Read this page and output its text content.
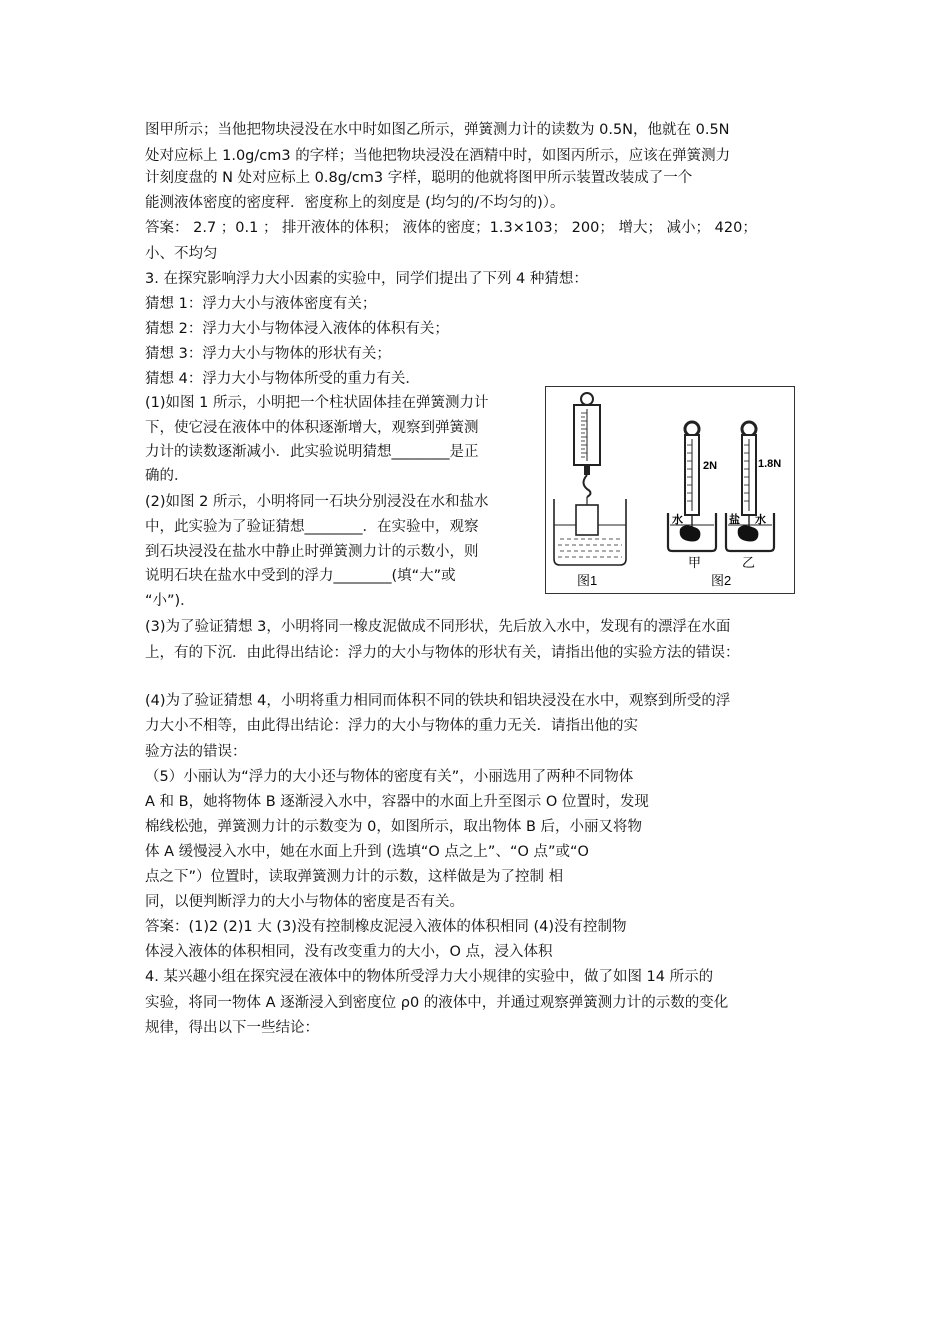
图甲所示；当他把物块浸没在水中时如图乙所示，弹簧测力计的读数为 0.5N，他就在 0.5N
处对应标上 1.0g/cm3 的字样；当他把物块浸没在酒精中时，如图丙所示，应该在弹簧测力
计刻度盘的 N 处对应标上 0.8g/cm3 字样，聪明的他就将图甲所示装置改装成了一个
能测液体密度的密度秤．密度称上的刻度是 (均匀的/不均匀的)）。
答案： 2.7 ；0.1 ； 排开液体的体积； 液体的密度；1.3×103； 200； 增大； 减小； 420；
小、不均匀
3. 在探究影响浮力大小因素的实验中，同学们提出了下列 4 种猜想：
猜想 1：浮力大小与液体密度有关；
猜想 2：浮力大小与物体浸入液体的体积有关；
猜想 3：浮力大小与物体的形状有关；
猜想 4：浮力大小与物体所受的重力有关．
(1)如图 1 所示，小明把一个柱状固体挂在弹簧测力计
下，使它浸在液体中的体积逐渐增大，观察到弹簧测
力计的读数逐渐减小．此实验说明猜想________是正
确的．
(2)如图 2 所示，小明将同一石块分别浸没在水和盐水
中，此实验为了验证猜想________．在实验中，观察
到石块浸没在盐水中静止时弹簧测力计的示数小，则
说明石块在盐水中受到的浮力________(填“大”或
“小”)．
(3)为了验证猜想 3，小明将同一橡皮泥做成不同形状，先后放入水中，发现有的漂浮在水面
上，有的下沉．由此得出结论：浮力的大小与物体的形状有关，请指出他的实验方法的错误：
(4)为了验证猜想 4，小明将重力相同而体积不同的铁块和铝块浸没在水中，观察到所受的浮
力大小不相等，由此得出结论：浮力的大小与物体的重力无关．请指出他的实
验方法的错误：
（5）小丽认为“浮力的大小还与物体的密度有关”，小丽选用了两种不同物体
A 和 B，她将物体 B 逐渐浸入水中，容器中的水面上升至图示 O 位置时，发现
棉线松弛，弹簧测力计的示数变为 0，如图所示，取出物体 B 后，小丽又将物
体 A 缓慢浸入水中，她在水面上升到 (选填“O 点之上”、“O 点”或“O
点之下”）位置时，读取弹簧测力计的示数，这样做是为了控制 相
同，以便判断浮力的大小与物体的密度是否有关。
答案：(1)2 (2)1 大 (3)没有控制橡皮泥浸入液体的体积相同 (4)没有控制物
体浸入液体的体积相同，没有改变重力的大小，O 点，浸入体积
4. 某兴趣小组在探究浸在液体中的物体所受浮力大小规律的实验中，做了如图 14 所示的
实验，将同一物体 A 逐渐浸入到密度位 ρ0 的液体中，并通过观察弹簧测力计的示数的变化
规律，得出以下一些结论：
图1
2N
水
甲
1.8N
盐 水
乙
图2
